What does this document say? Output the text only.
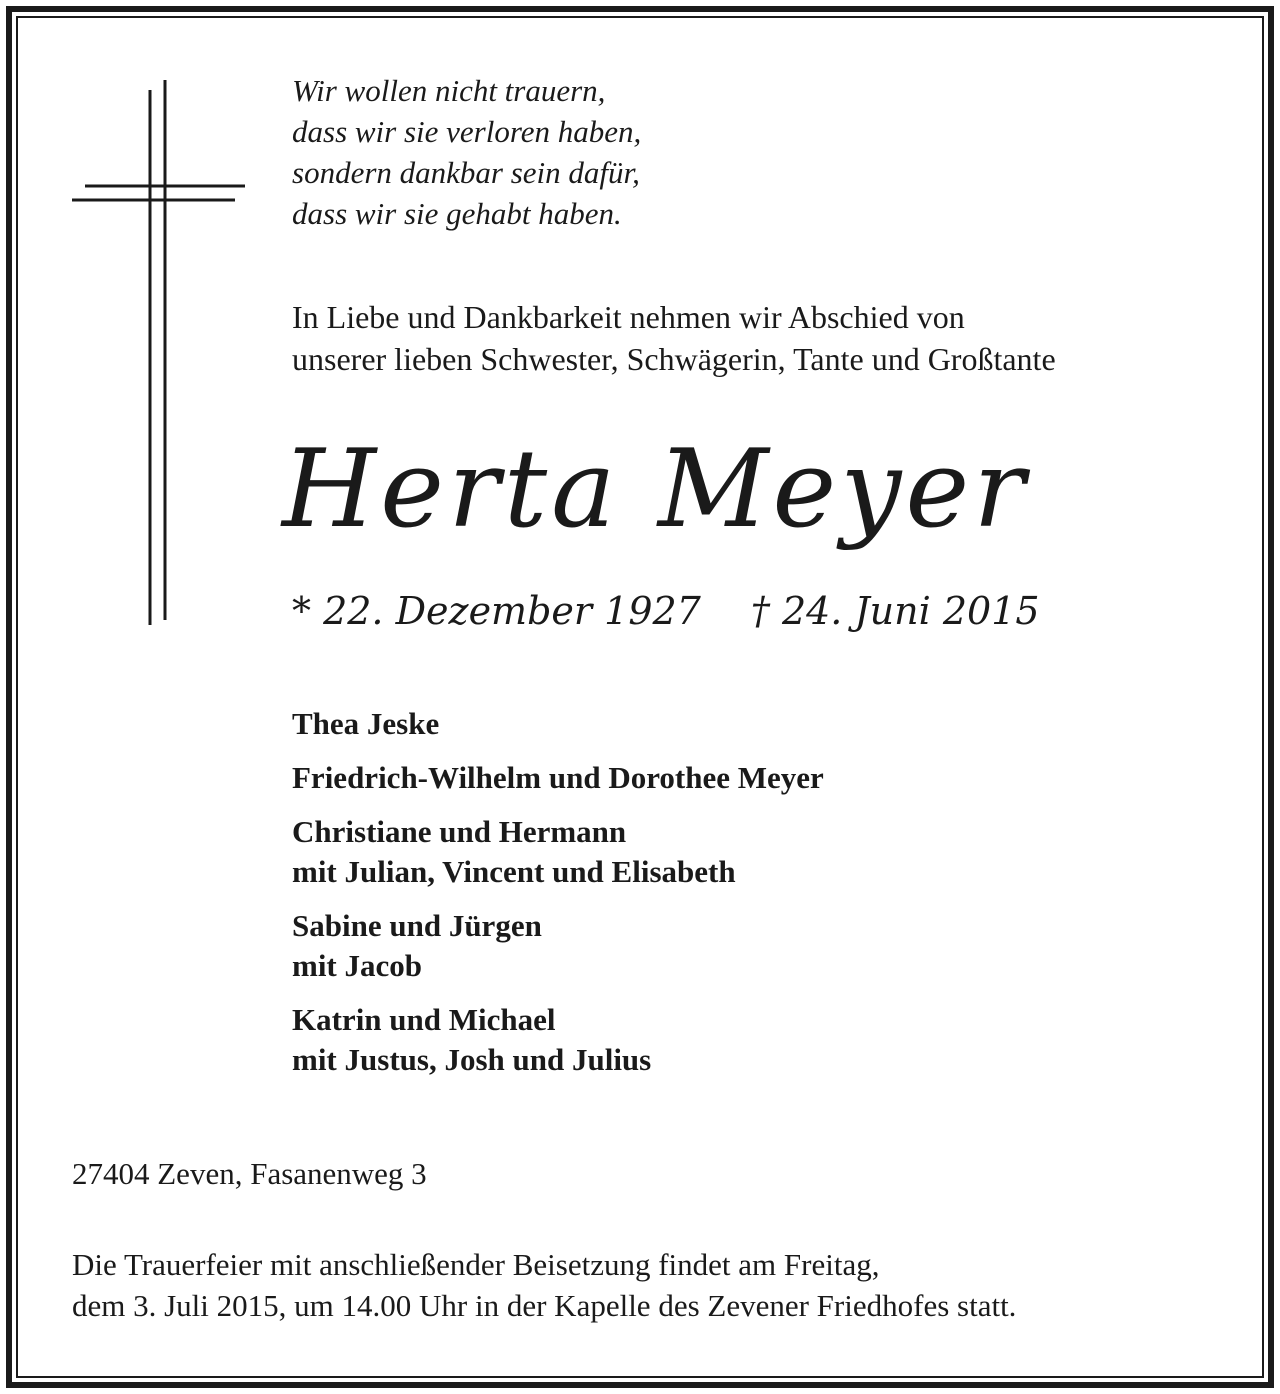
Wir wollen nicht trauern,
dass wir sie verloren haben,
sondern dankbar sein dafür,
dass wir sie gehabt haben.
In Liebe und Dankbarkeit nehmen wir Abschied von
unserer lieben Schwester, Schwägerin, Tante und Großtante
Herta Meyer
* 22. Dezember 1927 † 24. Juni 2015
Thea Jeske
Friedrich-Wilhelm und Dorothee Meyer
Christiane und Hermann
mit Julian, Vincent und Elisabeth
Sabine und Jürgen
mit Jacob
Katrin und Michael
mit Justus, Josh und Julius
27404 Zeven, Fasanenweg 3
Die Trauerfeier mit anschließender Beisetzung findet am Freitag,
dem 3. Juli 2015, um 14.00 Uhr in der Kapelle des Zevener Friedhofes statt.
